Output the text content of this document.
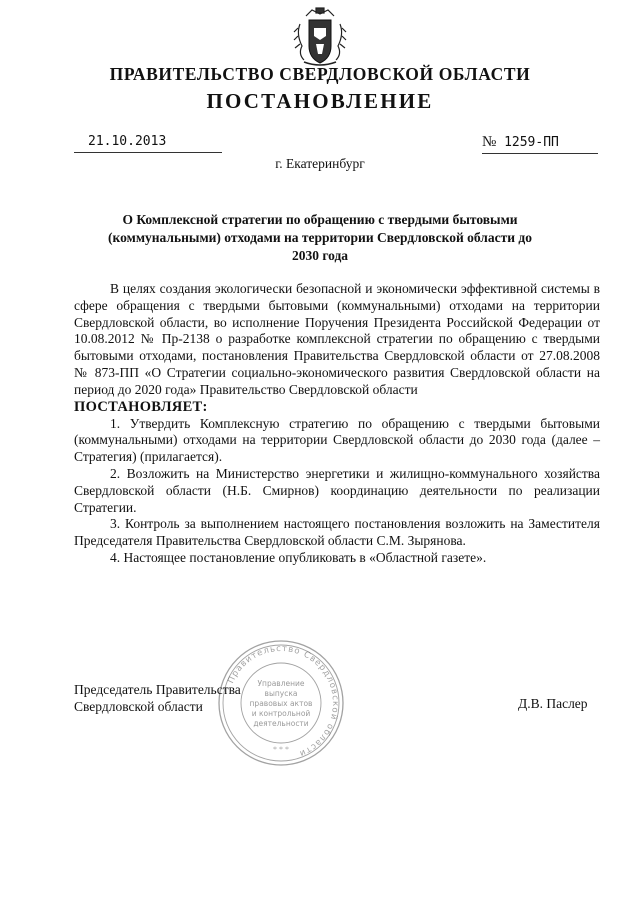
ПРАВИТЕЛЬСТВО СВЕРДЛОВСКОЙ ОБЛАСТИ
ПОСТАНОВЛЕНИЕ
21.10.2013	№ 1259-ПП
г. Екатеринбург
О Комплексной стратегии по обращению с твердыми бытовыми
(коммунальными) отходами на территории Свердловской области до 2030 года

В целях создания экологически безопасной и экономически эффективной системы в сфере обращения с твердыми бытовыми (коммунальными) отходами на территории Свердловской области, во исполнение Поручения Президента Российской Федерации от 10.08.2012 № Пр-2138 о разработке комплексной стратегии по обращению с твердыми бытовыми отходами, постановления Правительства Свердловской области от 27.08.2008 № 873-ПП «О Стратегии социально-экономического развития Свердловской области на период до 2020 года» Правительство Свердловской области

ПОСТАНОВЛЯЕТ:

1. Утвердить Комплексную стратегию по обращению с твердыми бытовыми (коммунальными) отходами на территории Свердловской области до 2030 года (далее – Стратегия) (прилагается).

2. Возложить на Министерство энергетики и жилищно-коммунального хозяйства Свердловской области (Н.Б. Смирнов) координацию деятельности по реализации Стратегии.

3. Контроль за выполнением настоящего постановления возложить на Заместителя Председателя Правительства Свердловской области С.М. Зырянова.

4. Настоящее постановление опубликовать в «Областной газете».

Правительство Свердловской области
Управление
выпуска
правовых актов
и контрольной
деятельности
* * *
Председатель Правительства
Свердловской области	Д.В. Паслер
